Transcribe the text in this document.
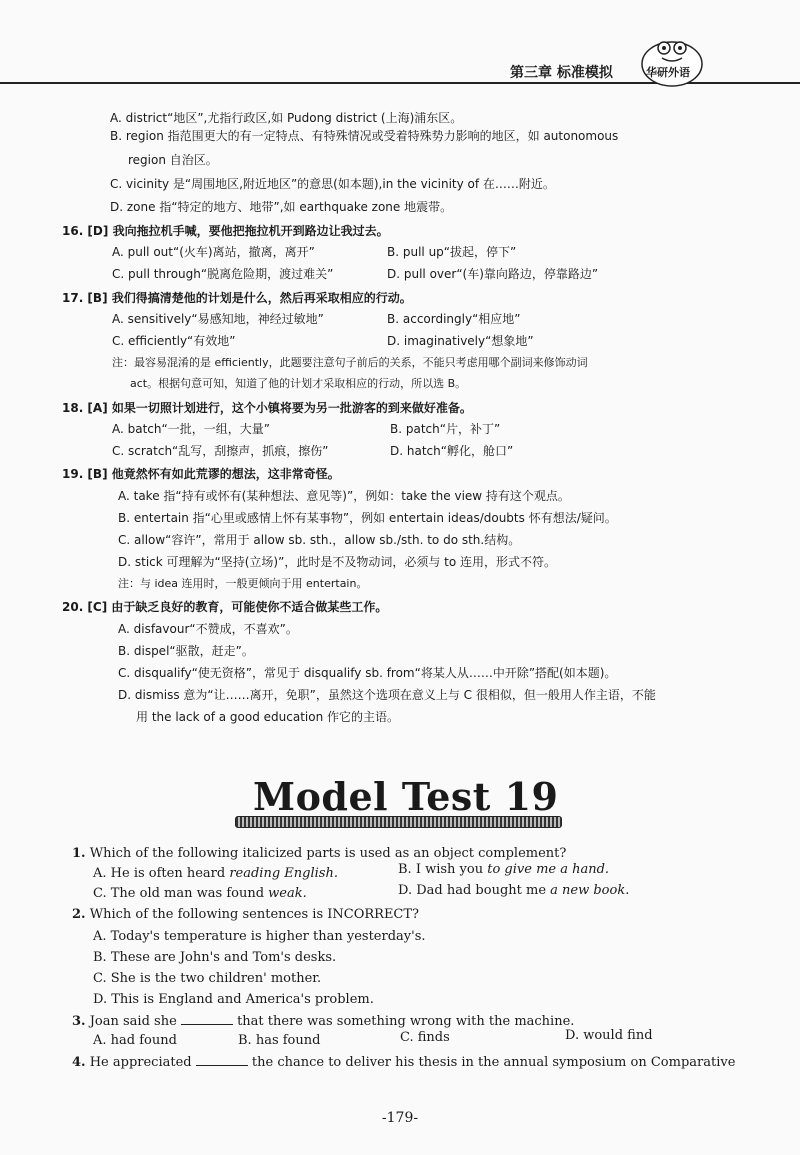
第三章 标准模拟	华研外语
A. district“地区”,尤指行政区,如 Pudong district (上海)浦东区。
B. region 指范围更大的有一定特点、有特殊情况或受着特殊势力影响的地区，如 autonomous
region 自治区。
C. vicinity 是“周围地区,附近地区”的意思(如本题),in the vicinity of 在……附近。
D. zone 指“特定的地方、地带”,如 earthquake zone 地震带。
16. [D] 我向拖拉机手喊，要他把拖拉机开到路边让我过去。
A. pull out“(火车)离站，撤离，离开”	B. pull up“拔起，停下”
C. pull through“脱离危险期，渡过难关”	D. pull over“(车)靠向路边，停靠路边”
17. [B] 我们得搞清楚他的计划是什么，然后再采取相应的行动。
A. sensitively“易感知地，神经过敏地”	B. accordingly“相应地”
C. efficiently“有效地”	D. imaginatively“想象地”
注：最容易混淆的是 efficiently，此题要注意句子前后的关系，不能只考虑用哪个副词来修饰动词
act。根据句意可知，知道了他的计划才采取相应的行动，所以选 B。
18. [A] 如果一切照计划进行，这个小镇将要为另一批游客的到来做好准备。
A. batch“一批，一组，大量”	B. patch“片，补丁”
C. scratch“乱写，刮擦声，抓痕，擦伤”	D. hatch“孵化，舱口”
19. [B] 他竟然怀有如此荒谬的想法，这非常奇怪。
A. take 指“持有或怀有(某种想法、意见等)”，例如：take the view 持有这个观点。
B. entertain 指“心里或感情上怀有某事物”，例如 entertain ideas/doubts 怀有想法/疑问。
C. allow“容许”，常用于 allow sb. sth.，allow sb./sth. to do sth.结构。
D. stick 可理解为“坚持(立场)”，此时是不及物动词，必须与 to 连用，形式不符。
注：与 idea 连用时，一般更倾向于用 entertain。
20. [C] 由于缺乏良好的教育，可能使你不适合做某些工作。
A. disfavour“不赞成，不喜欢”。
B. dispel“驱散，赶走”。
C. disqualify“使无资格”，常见于 disqualify sb. from“将某人从……中开除”搭配(如本题)。
D. dismiss 意为“让……离开，免职”，虽然这个选项在意义上与 C 很相似，但一般用人作主语，不能
用 the lack of a good education 作它的主语。
Model Test 19
1. Which of the following italicized parts is used as an object complement?
A. He is often heard reading English.	B. I wish you to give me a hand.
C. The old man was found weak.	D. Dad had bought me a new book.
2. Which of the following sentences is INCORRECT?
A. Today's temperature is higher than yesterday's.
B. These are John's and Tom's desks.
C. She is the two children' mother.
D. This is England and America's problem.
3. Joan said she	that there was something wrong with the machine.
A. had found	B. has found	C. finds	D. would find
4. He appreciated	the chance to deliver his thesis in the annual symposium on Comparative
-179-
